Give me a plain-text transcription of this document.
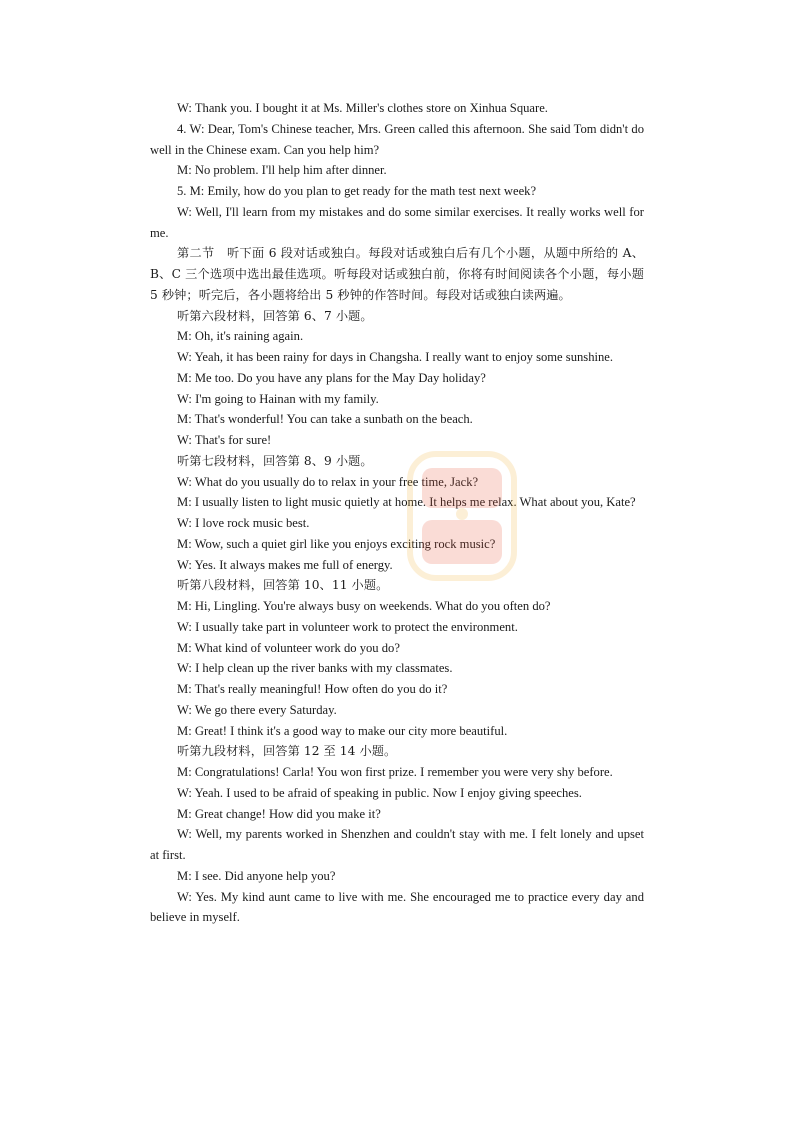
W: Thank you. I bought it at Ms. Miller's clothes store on Xinhua Square.

4. W: Dear, Tom's Chinese teacher, Mrs. Green called this afternoon. She said Tom didn't do well in the Chinese exam. Can you help him?

M: No problem. I'll help him after dinner.

5. M: Emily, how do you plan to get ready for the math test next week?

W: Well, I'll learn from my mistakes and do some similar exercises. It really works well for me.

第二节　听下面 6 段对话或独白。每段对话或独白后有几个小题，从题中所给的 A、B、C 三个选项中选出最佳选项。听每段对话或独白前，你将有时间阅读各个小题，每小题 5 秒钟；听完后，各小题将给出 5 秒钟的作答时间。每段对话或独白读两遍。

听第六段材料，回答第 6、7 小题。

M: Oh, it's raining again.

W: Yeah, it has been rainy for days in Changsha. I really want to enjoy some sunshine.

M: Me too. Do you have any plans for the May Day holiday?

W: I'm going to Hainan with my family.

M: That's wonderful! You can take a sunbath on the beach.

W: That's for sure!

听第七段材料，回答第 8、9 小题。

W: What do you usually do to relax in your free time, Jack?

M: I usually listen to light music quietly at home. It helps me relax. What about you, Kate?

W: I love rock music best.

M: Wow, such a quiet girl like you enjoys exciting rock music?

W: Yes. It always makes me full of energy.

听第八段材料，回答第 10、11 小题。

M: Hi, Lingling. You're always busy on weekends. What do you often do?

W: I usually take part in volunteer work to protect the environment.

M: What kind of volunteer work do you do?

W: I help clean up the river banks with my classmates.

M: That's really meaningful! How often do you do it?

W: We go there every Saturday.

M: Great! I think it's a good way to make our city more beautiful.

听第九段材料，回答第 12 至 14 小题。

M: Congratulations! Carla! You won first prize. I remember you were very shy before.

W: Yeah. I used to be afraid of speaking in public. Now I enjoy giving speeches.

M: Great change! How did you make it?

W: Well, my parents worked in Shenzhen and couldn't stay with me. I felt lonely and upset at first.

M: I see. Did anyone help you?

W: Yes. My kind aunt came to live with me. She encouraged me to practice every day and believe in myself.
